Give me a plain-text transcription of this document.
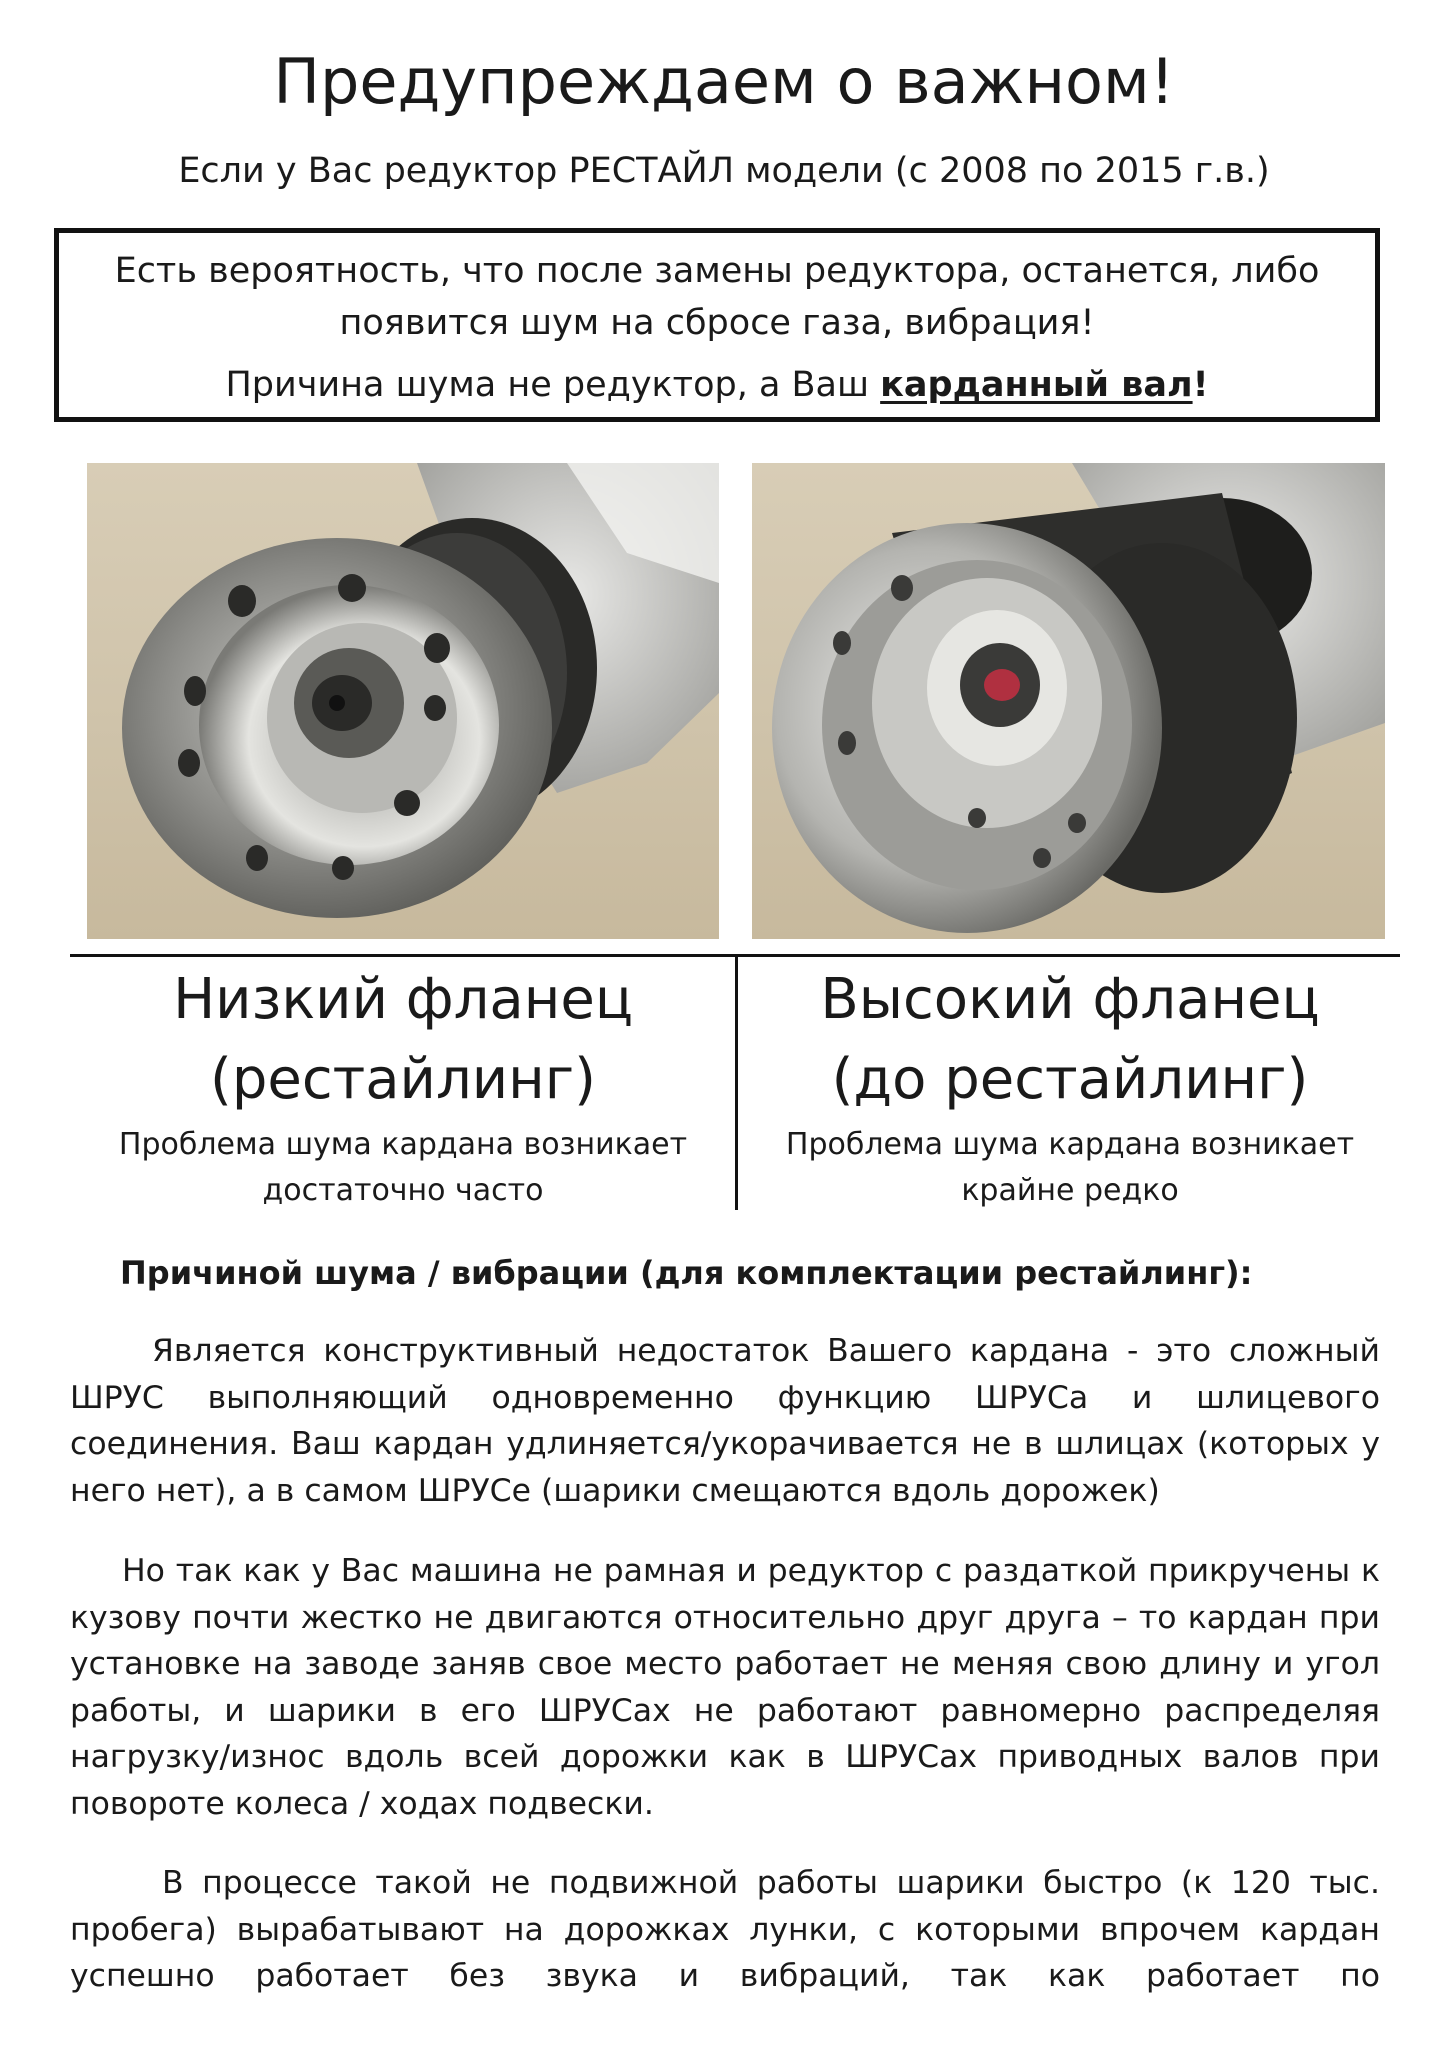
Предупреждаем о важном!
Если у Вас редуктор РЕСТАЙЛ модели (с 2008 по 2015 г.в.)
Есть вероятность, что после замены редуктора, останется, либо
появится шум на сбросе газа, вибрация!
Причина шума не редуктор, а Ваш карданный вал!
Низкий фланец
(рестайлинг)
Проблема шума кардана возникает
достаточно часто
Высокий фланец
(до рестайлинг)
Проблема шума кардана возникает
крайне редко
Причиной шума / вибрации (для комплектации рестайлинг):
Является конструктивный недостаток Вашего кардана - это сложный ШРУС выполняющий одновременно функцию ШРУСа и шлицевого соединения. Ваш кардан удлиняется/укорачивается не в шлицах (которых у него нет), а в самом ШРУСе (шарики смещаются вдоль дорожек)
Но так как у Вас машина не рамная и редуктор с раздаткой прикручены к кузову почти жестко не двигаются относительно друг друга – то кардан при установке на заводе заняв свое место работает не меняя свою длину и угол работы, и шарики в его ШРУСах не работают равномерно распределяя нагрузку/износ вдоль всей дорожки как в ШРУСах приводных валов при повороте колеса / ходах подвески.
В процессе такой не подвижной работы шарики быстро (к 120 тыс. пробега) вырабатывают на дорожках лунки, с которыми впрочем кардан успешно работает без звука и вибраций, так как работает по
